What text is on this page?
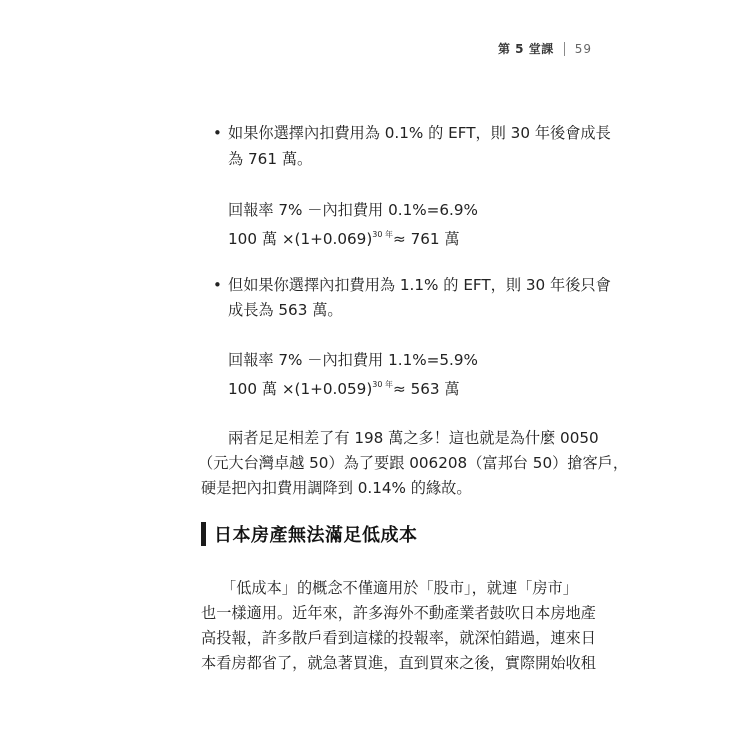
第 5 堂課 59
• 如果你選擇內扣費用為 0.1% 的 EFT，則 30 年後會成長
為 761 萬。
回報率 7% －內扣費用 0.1%=6.9%
100 萬 $\times(1+0.069)^{30 年}\approx 761$ 萬
• 但如果你選擇內扣費用為 1.1% 的 EFT，則 30 年後只會
成長為 563 萬。
回報率 7% －內扣費用 1.1%=5.9%
100 萬 $\times(1+0.059)^{30 年}\approx 563$ 萬
兩者足足相差了有 198 萬之多！這也就是為什麼 0050
（元大台灣卓越 50）為了要跟 006208（富邦台 50）搶客戶，
硬是把內扣費用調降到 0.14% 的緣故。
日本房產無法滿足低成本
「低成本」的概念不僅適用於「股市」，就連「房市」
也一樣適用。近年來，許多海外不動產業者鼓吹日本房地產
高投報，許多散戶看到這樣的投報率，就深怕錯過，連來日
本看房都省了，就急著買進，直到買來之後，實際開始收租
